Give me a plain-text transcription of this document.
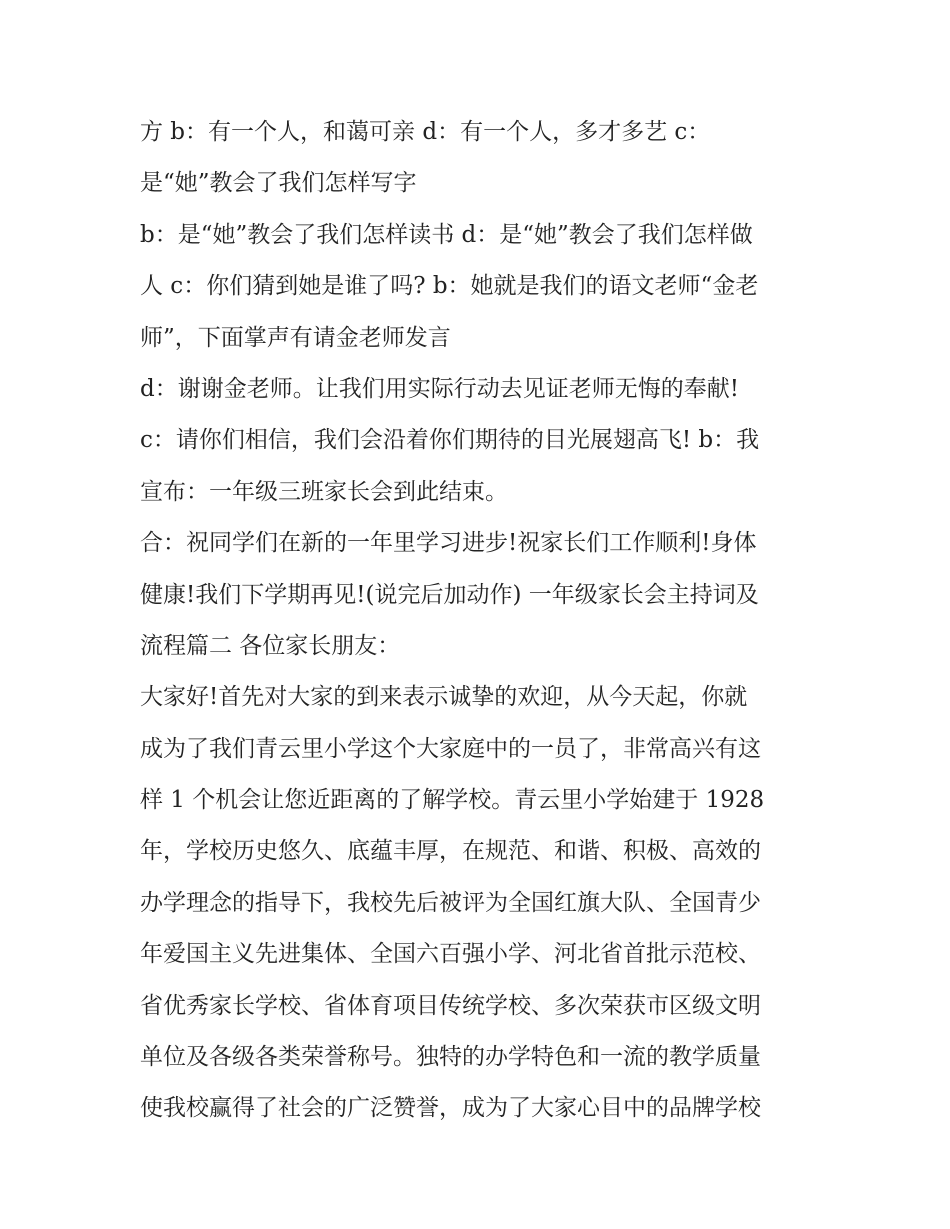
方 b：有一个人，和蔼可亲 d：有一个人，多才多艺 c：
是“她”教会了我们怎样写字
b：是“她”教会了我们怎样读书 d：是“她”教会了我们怎样做
人 c：你们猜到她是谁了吗? b：她就是我们的语文老师“金老
师”，下面掌声有请金老师发言
d：谢谢金老师。让我们用实际行动去见证老师无悔的奉献!
c：请你们相信，我们会沿着你们期待的目光展翅高飞! b：我
宣布：一年级三班家长会到此结束。
合：祝同学们在新的一年里学习进步!祝家长们工作顺利!身体
健康!我们下学期再见!(说完后加动作) 一年级家长会主持词及
流程篇二 各位家长朋友：
大家好!首先对大家的到来表示诚挚的欢迎，从今天起，你就
成为了我们青云里小学这个大家庭中的一员了，非常高兴有这
样 1 个机会让您近距离的了解学校。青云里小学始建于 1928
年，学校历史悠久、底蕴丰厚，在规范、和谐、积极、高效的
办学理念的指导下，我校先后被评为全国红旗大队、全国青少
年爱国主义先进集体、全国六百强小学、河北省首批示范校、
省优秀家长学校、省体育项目传统学校、多次荣获市区级文明
单位及各级各类荣誉称号。独特的办学特色和一流的教学质量
使我校赢得了社会的广泛赞誉，成为了大家心目中的品牌学校
